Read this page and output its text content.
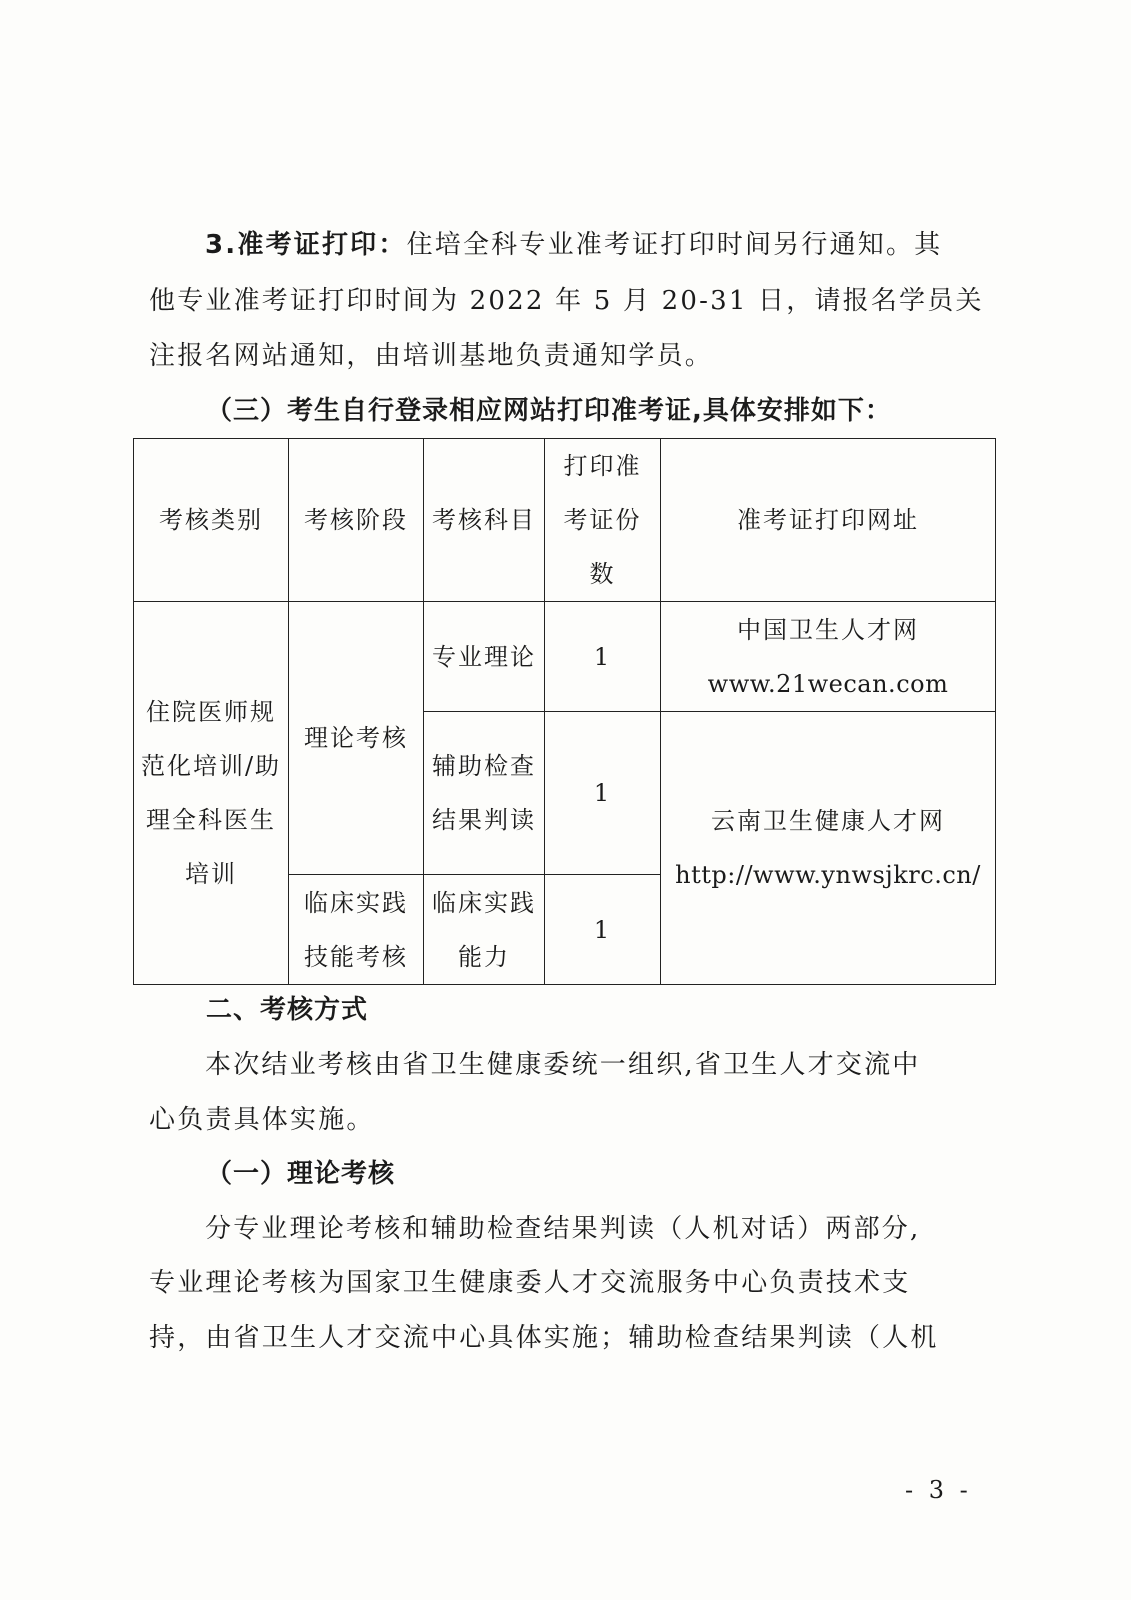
3.准考证打印：住培全科专业准考证打印时间另行通知。其
他专业准考证打印时间为 2022 年 5 月 20-31 日，请报名学员关
注报名网站通知，由培训基地负责通知学员。
（三）考生自行登录相应网站打印准考证,具体安排如下：
考核类别	考核阶段	考核科目	打印准考证份数	准考证打印网址
住院医师规范化培训/助理全科医生培训	理论考核	专业理论	1	中国卫生人才网
www.21wecan.com

		辅助检查结果判读	1	云南卫生健康人才网
http://www.ynwsjkrc.cn/

	临床实践技能考核	临床实践能力	1	
二、考核方式
本次结业考核由省卫生健康委统一组织,省卫生人才交流中
心负责具体实施。
（一）理论考核
分专业理论考核和辅助检查结果判读（人机对话）两部分,
专业理论考核为国家卫生健康委人才交流服务中心负责技术支
持，由省卫生人才交流中心具体实施；辅助检查结果判读（人机
- 3 -
